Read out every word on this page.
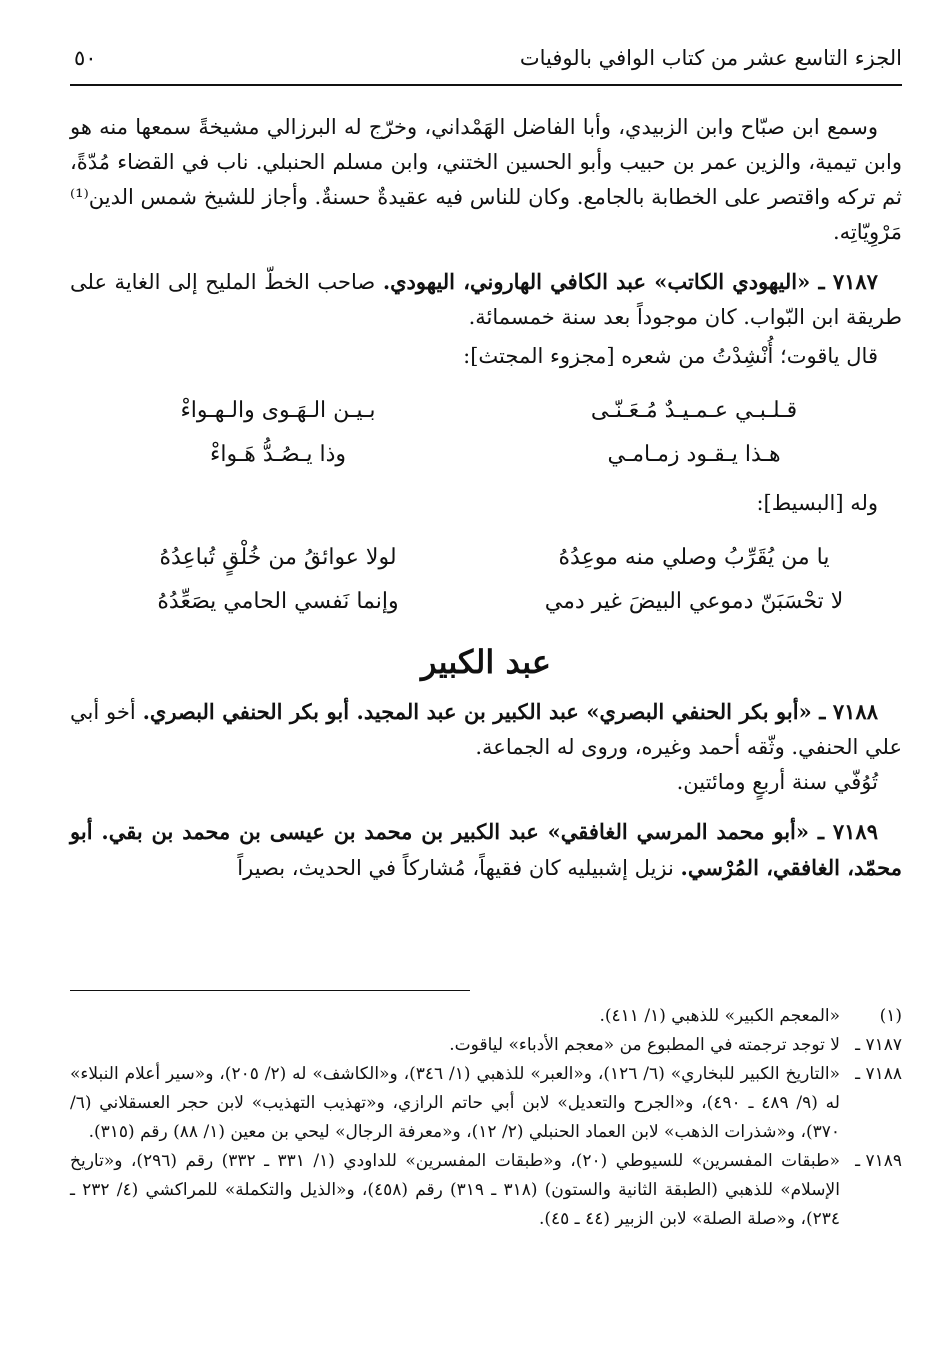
الجزء التاسع عشر من كتاب الوافي بالوفيات
٥٠

وسمع ابن صبّاح وابن الزبيدي، وأبا الفاضل الهَمْداني، وخرّج له البرزالي مشيخةً سمعها منه هو وابن تيمية، والزين عمر بن حبيب وأبو الحسين الختني، وابن مسلم الحنبلي. ناب في القضاء مُدّةً، ثم تركه واقتصر على الخطابة بالجامع. وكان للناس فيه عقيدةٌ حسنةٌ. وأجاز للشيخ شمس الدين⁽¹⁾ مَرْوِيّاتِه.

٧١٨٧ ـ «اليهودي الكاتب» عبد الكافي الهاروني، اليهودي. صاحب الخطّ المليح إلى الغاية على طريقة ابن البّواب. كان موجوداً بعد سنة خمسمائة.

قال ياقوت؛ أُنْشِدْتُ من شعره [مجزوء المجتث]:

قـلـبـي عـمـيـدٌ مُـعَـنّـى
بـيـن الـهَـوى والـهـواءْ
هـذا يـقـود زمـامـي
وذا يـصُـدُّ هَـواءْ

وله [البسيط]:

يا من يُقَرِّبُ وصلي منه موعِدُهُ
لولا عوائقُ من خُلْقٍ تُباعِدُهُ
لا تحْسَبَنّ دموعي البيضَ غير دمي
وإنما نَفسي الحامي يصَعِّدُهُ
عبد الكبير

٧١٨٨ ـ «أبو بكر الحنفي البصري» عبد الكبير بن عبد المجيد. أبو بكر الحنفي البصري. أخو أبي علي الحنفي. وثّقه أحمد وغيره، وروى له الجماعة.

تُوُفّي سنة أربعٍ ومائتين.

٧١٨٩ ـ «أبو محمد المرسي الغافقي» عبد الكبير بن محمد بن عيسى بن محمد بن بقي. أبو محمّد، الغافقي، المُرْسي. نزيل إشبيليه كان فقيهاً، مُشاركاً في الحديث، بصيراً

(١)
«المعجم الكبير» للذهبي (١/ ٤١١).
٧١٨٧ ـ
لا توجد ترجمته في المطبوع من «معجم الأدباء» لياقوت.
٧١٨٨ ـ
«التاريخ الكبير للبخاري» (٦/ ١٢٦)، و«العبر» للذهبي (١/ ٣٤٦)، و«الكاشف» له (٢/ ٢٠٥)، و«سير أعلام النبلاء» له (٩/ ٤٨٩ ـ ٤٩٠)، و«الجرح والتعديل» لابن أبي حاتم الرازي، و«تهذيب التهذيب» لابن حجر العسقلاني (٦/ ٣٧٠)، و«شذرات الذهب» لابن العماد الحنبلي (٢/ ١٢)، و«معرفة الرجال» ليحي بن معين (١/ ٨٨) رقم (٣١٥).
٧١٨٩ ـ
«طبقات المفسرين» للسيوطي (٢٠)، و«طبقات المفسرين» للداودي (١/ ٣٣١ ـ ٣٣٢) رقم (٢٩٦)، و«تاريخ الإسلام» للذهبي (الطبقة الثانية والستون) (٣١٨ ـ ٣١٩) رقم (٤٥٨)، و«الذيل والتكملة» للمراكشي (٤/ ٢٣٢ ـ ٢٣٤)، و«صلة الصلة» لابن الزبير (٤٤ ـ ٤٥).
